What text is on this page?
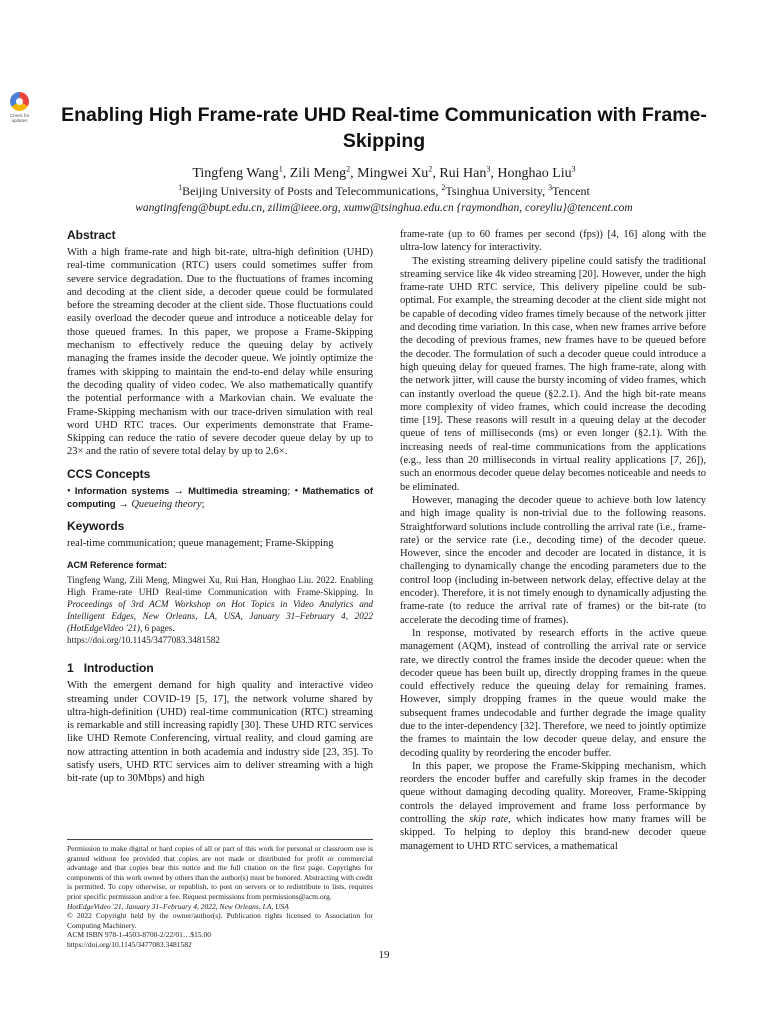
Check for updates	Enabling High Frame-rate UHD Real-time Communication with Frame-Skipping
Tingfeng Wang$^1$, Zili Meng$^2$, Mingwei Xu$^2$, Rui Han$^3$, Honghao Liu$^3$
$^1$Beijing University of Posts and Telecommunications, $^2$Tsinghua University, $^3$Tencent
wangtingfeng@bupt.edu.cn, zilim@ieee.org, xumw@tsinghua.edu.cn {raymondhan, coreyliu}@tencent.com
Abstract

With a high frame-rate and high bit-rate, ultra-high definition (UHD) real-time communication (RTC) users could sometimes suffer from severe service degradation. Due to the fluctuations of frames incoming and decoding at the client side, a decoder queue could be formulated before the streaming decoder at the client side. Those fluctuations could easily overload the decoder queue and introduce a noticeable delay for those queued frames. In this paper, we propose a Frame-Skipping mechanism to effectively reduce the queuing delay by actively managing the frames inside the decoder queue. We jointly optimize the frames with skipping to maintain the end-to-end delay while ensuring the decoding quality of video codec. We also mathematically quantify the potential performance with a Markovian chain. We evaluate the Frame-Skipping mechanism with our trace-driven simulation with real word UHD RTC traces. Our experiments demonstrate that Frame-Skipping can reduce the ratio of severe decoder queue delay by up to 23× and the ratio of severe total delay by up to 2.6×.

CCS Concepts

• Information systems → Multimedia streaming; • Mathematics of computing → Queueing theory;

Keywords

real-time communication; queue management; Frame-Skipping

ACM Reference format:

Tingfeng Wang, Zili Meng, Mingwei Xu, Rui Han, Honghao Liu. 2022. Enabling High Frame-rate UHD Real-time Communication with Frame-Skipping. In Proceedings of 3rd ACM Workshop on Hot Topics in Video Analytics and Intelligent Edges, New Orleans, LA, USA, January 31–February 4, 2022 (HotEdgeVideo '21), 6 pages.
https://doi.org/10.1145/3477083.3481582

1 Introduction

With the emergent demand for high quality and interactive video streaming under COVID-19 [5, 17], the network volume shared by ultra-high-definition (UHD) real-time communication (RTC) streaming is remarkable and still increasing rapidly [30]. These UHD RTC services like UHD Remote Conferencing, virtual reality, and cloud gaming are now attracting attention in both academia and industry side [23, 35]. To satisfy users, UHD RTC services aim to deliver streaming with a high bit-rate (up to 30Mbps) and high

Permission to make digital or hard copies of all or part of this work for personal or classroom use is granted without fee provided that copies are not made or distributed for profit or commercial advantage and that copies bear this notice and the full citation on the first page. Copyrights for components of this work owned by others than the author(s) must be honored. Abstracting with credit is permitted. To copy otherwise, or republish, to post on servers or to redistribute to lists, requires prior specific permission and/or a fee. Request permissions from permissions@acm.org.

HotEdgeVideo '21, January 31–February 4, 2022, New Orleans, LA, USA

© 2022 Copyright held by the owner/author(s). Publication rights licensed to Association for Computing Machinery.

ACM ISBN 978-1-4503-8700-2/22/01…$15.00

https://doi.org/10.1145/3477083.3481582

frame-rate (up to 60 frames per second (fps)) [4, 16] along with the ultra-low latency for interactivity.

The existing streaming delivery pipeline could satisfy the traditional streaming service like 4k video streaming [20]. However, under the high frame-rate UHD RTC service, This delivery pipeline could be sub-optimal. For example, the streaming decoder at the client side might not be capable of decoding video frames timely because of the network jitter and decoding time variation. In this case, when new frames arrive before the decoding of previous frames, new frames have to be queued before the decoder. The formulation of such a decoder queue could introduce a high queuing delay for queued frames. The high frame-rate, along with the network jitter, will cause the bursty incoming of video frames, which can instantly overload the queue (§2.2.1). And the high bit-rate means more complexity of video frames, which could increase the decoding time [19]. These reasons will result in a queuing delay at the decoder queue of tens of milliseconds (ms) or even longer (§2.1). With the increasing needs of real-time communications from the applications (e.g., less than 20 milliseconds in virtual reality applications [7, 26]), such an enormous decoder queue delay becomes noticeable and needs to be eliminated.

However, managing the decoder queue to achieve both low latency and high image quality is non-trivial due to the following reasons. Straightforward solutions include controlling the arrival rate (i.e., frame-rate) or the service rate (i.e., decoding time) of the decoder queue. However, since the encoder and decoder are located in distance, it is challenging to dynamically change the encoding parameters due to the control loop (including in-between network delay, effective delay at the encoder). Therefore, it is not timely enough to dynamically adjusting the frame-rate (to reduce the arrival rate of frames) or the bit-rate (to accelerate the decoding time of frames).

In response, motivated by research efforts in the active queue management (AQM), instead of controlling the arrival rate or service rate, we directly control the frames inside the decoder queue: when the decoder queue has been built up, directly dropping frames in the queue could effectively reduce the queuing delay for remaining frames. However, simply dropping frames in the queue would make the subsequent frames undecodable and further degrade the image quality due to the inter-dependency [32]. Therefore, we need to jointly optimize the frames to maintain the low decoder queue delay, and ensure the decoding quality by reordering the encoder buffer.

In this paper, we propose the Frame-Skipping mechanism, which reorders the encoder buffer and carefully skip frames in the decoder queue without damaging decoding quality. Moreover, Frame-Skipping controls the delayed improvement and frame loss performance by controlling the skip rate, which indicates how many frames will be skipped. To helping to deploy this brand-new decoder queue management to UHD RTC services, a mathematical

19
